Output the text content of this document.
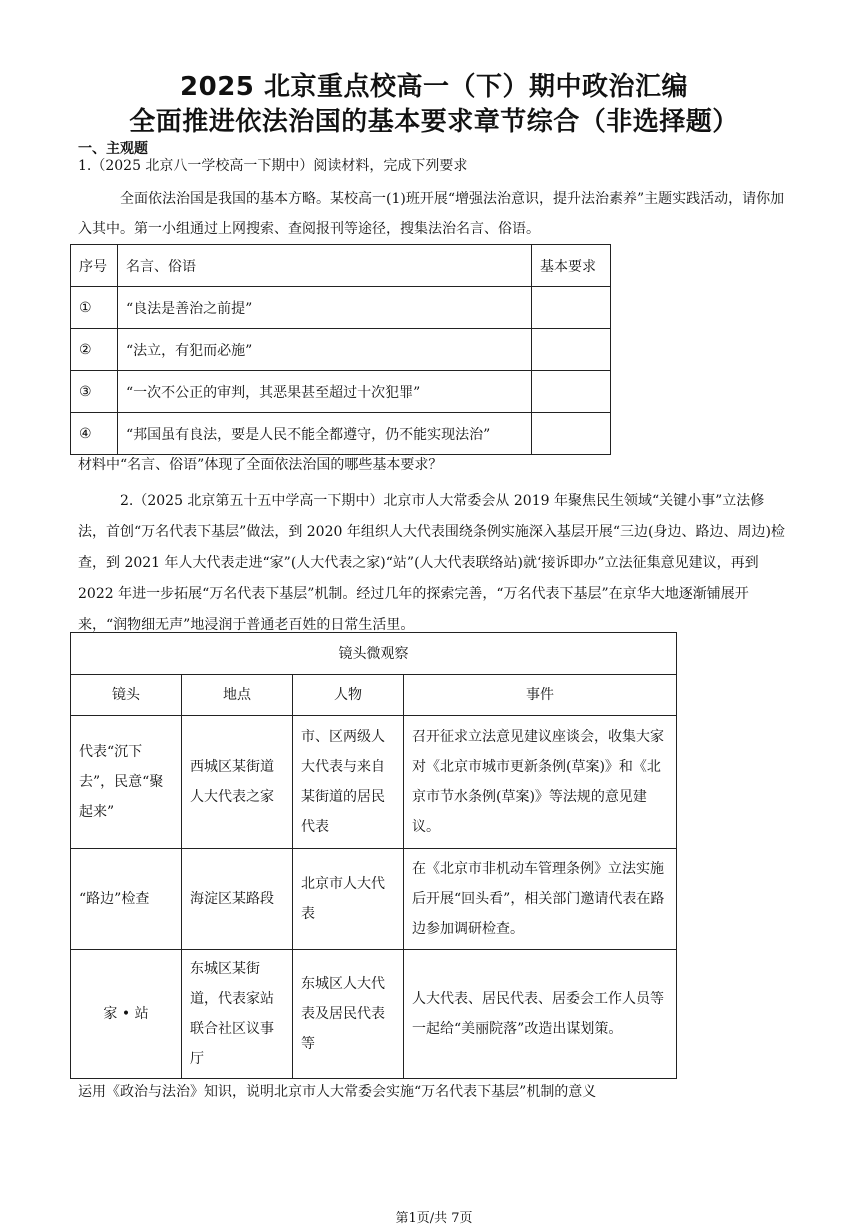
2025 北京重点校高一（下）期中政治汇编
全面推进依法治国的基本要求章节综合（非选择题）
一、主观题
1.（2025 北京八一学校高一下期中）阅读材料，完成下列要求
全面依法治国是我国的基本方略。某校高一(1)班开展“增强法治意识，提升法治素养”主题实践活动，请你加入其中。第一小组通过上网搜索、查阅报刊等途径，搜集法治名言、俗语。
序号	名言、俗语	基本要求
①	“良法是善治之前提”	
②	“法立，有犯而必施”	
③	“一次不公正的审判，其恶果甚至超过十次犯罪”	
④	“邦国虽有良法，要是人民不能全都遵守，仍不能实现法治”	
材料中“名言、俗语”体现了全面依法治国的哪些基本要求？
2.（2025 北京第五十五中学高一下期中）北京市人大常委会从 2019 年聚焦民生领域“关键小事”立法修法，首创“万名代表下基层”做法，到 2020 年组织人大代表围绕条例实施深入基层开展“三边(身边、路边、周边)检查，到 2021 年人大代表走进“家”(人大代表之家)“站”(人大代表联络站)就‘接诉即办”立法征集意见建议，再到 2022 年进一步拓展“万名代表下基层”机制。经过几年的探索完善，“万名代表下基层”在京华大地逐渐铺展开来，“润物细无声”地浸润于普通老百姓的日常生活里。
镜头微观察			
镜头	地点	人物	事件
代表“沉下去”，民意“聚起来”	西城区某街道人大代表之家	市、区两级人大代表与来自某街道的居民代表	召开征求立法意见建议座谈会，收集大家对《北京市城市更新条例(草案)》和《北京市节水条例(草案)》等法规的意见建议。
“路边”检查	海淀区某路段	北京市人大代表	在《北京市非机动车管理条例》立法实施后开展“回头看”，相关部门邀请代表在路边参加调研检查。
家 • 站	东城区某街道，代表家站联合社区议事厅	东城区人大代表及居民代表等	人大代表、居民代表、居委会工作人员等一起给“美丽院落”改造出谋划策。
运用《政治与法治》知识，说明北京市人大常委会实施“万名代表下基层”机制的意义
第1页/共 7页
